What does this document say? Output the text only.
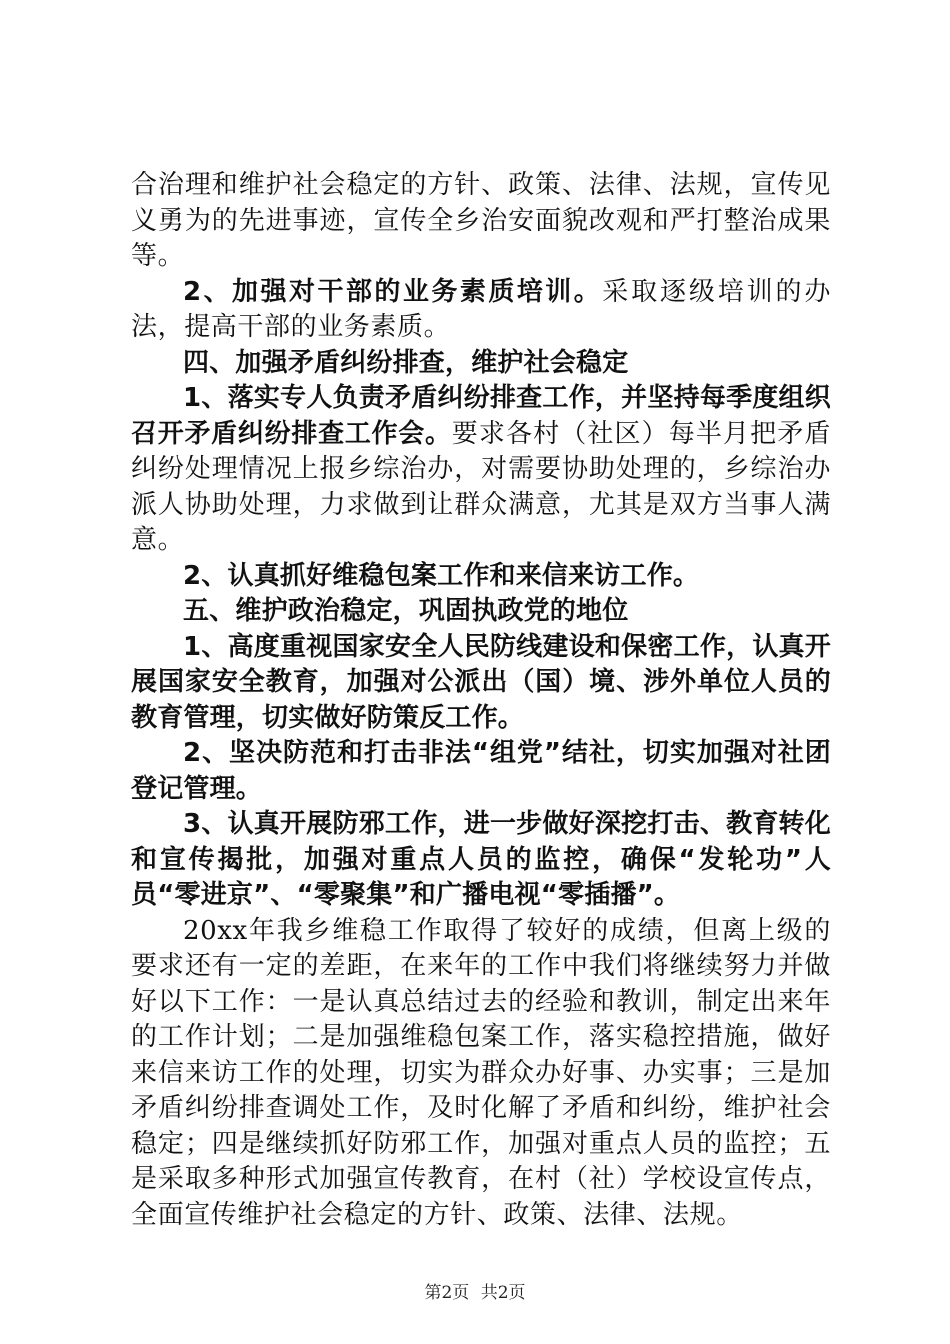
合治理和维护社会稳定的方针、政策、法律、法规，宣传见义勇为的先进事迹，宣传全乡治安面貌改观和严打整治成果等。

2、加强对干部的业务素质培训。采取逐级培训的办法，提高干部的业务素质。

四、加强矛盾纠纷排查，维护社会稳定

1、落实专人负责矛盾纠纷排查工作，并坚持每季度组织召开矛盾纠纷排查工作会。要求各村（社区）每半月把矛盾纠纷处理情况上报乡综治办，对需要协助处理的，乡综治办派人协助处理，力求做到让群众满意，尤其是双方当事人满意。

2、认真抓好维稳包案工作和来信来访工作。

五、维护政治稳定，巩固执政党的地位

1、高度重视国家安全人民防线建设和保密工作，认真开展国家安全教育，加强对公派出（国）境、涉外单位人员的教育管理，切实做好防策反工作。

2、坚决防范和打击非法“组党”结社，切实加强对社团登记管理。

3、认真开展防邪工作，进一步做好深挖打击、教育转化和宣传揭批，加强对重点人员的监控，确保“发轮功”人员“零进京”、“零聚集”和广播电视“零插播”。

20xx年我乡维稳工作取得了较好的成绩，但离上级的要求还有一定的差距，在来年的工作中我们将继续努力并做好以下工作：一是认真总结过去的经验和教训，制定出来年的工作计划；二是加强维稳包案工作，落实稳控措施，做好来信来访工作的处理，切实为群众办好事、办实事；三是加矛盾纠纷排查调处工作，及时化解了矛盾和纠纷，维护社会稳定；四是继续抓好防邪工作，加强对重点人员的监控；五是采取多种形式加强宣传教育，在村（社）学校设宣传点，全面宣传维护社会稳定的方针、政策、法律、法规。

第2页 共2页
